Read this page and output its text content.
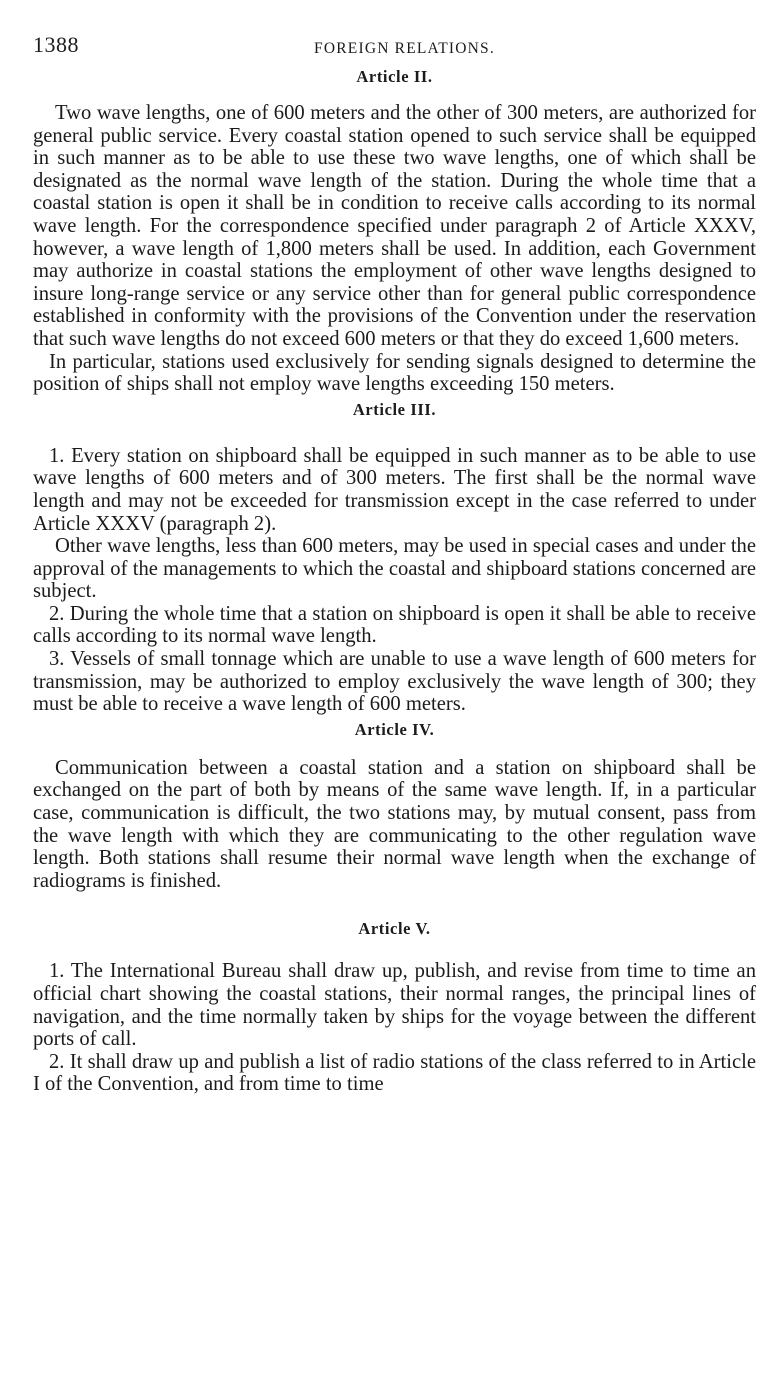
1388	FOREIGN RELATIONS.
Article II.

Two wave lengths, one of 600 meters and the other of 300 meters, are authorized for general public service. Every coastal station opened to such service shall be equipped in such manner as to be able to use these two wave lengths, one of which shall be designated as the normal wave length of the station. During the whole time that a coastal station is open it shall be in condition to receive calls according to its normal wave length. For the correspondence specified under paragraph 2 of Article XXXV, however, a wave length of 1,800 meters shall be used. In addition, each Government may authorize in coastal stations the employment of other wave lengths designed to insure long-range service or any service other than for general public correspondence established in conformity with the provisions of the Convention under the reservation that such wave lengths do not exceed 600 meters or that they do exceed 1,600 meters.

In particular, stations used exclusively for sending signals designed to determine the position of ships shall not employ wave lengths exceeding 150 meters.

Article III.

1. Every station on shipboard shall be equipped in such manner as to be able to use wave lengths of 600 meters and of 300 meters. The first shall be the normal wave length and may not be exceeded for transmission except in the case referred to under Article XXXV (paragraph 2).

Other wave lengths, less than 600 meters, may be used in special cases and under the approval of the managements to which the coastal and shipboard stations concerned are subject.

2. During the whole time that a station on shipboard is open it shall be able to receive calls according to its normal wave length.

3. Vessels of small tonnage which are unable to use a wave length of 600 meters for transmission, may be authorized to employ exclusively the wave length of 300; they must be able to receive a wave length of 600 meters.

Article IV.

Communication between a coastal station and a station on shipboard shall be exchanged on the part of both by means of the same wave length. If, in a particular case, communication is difficult, the two stations may, by mutual consent, pass from the wave length with which they are communicating to the other regulation wave length. Both stations shall resume their normal wave length when the exchange of radiograms is finished.

Article V.

1. The International Bureau shall draw up, publish, and revise from time to time an official chart showing the coastal stations, their normal ranges, the principal lines of navigation, and the time normally taken by ships for the voyage between the different ports of call.

2. It shall draw up and publish a list of radio stations of the class referred to in Article I of the Convention, and from time to time
